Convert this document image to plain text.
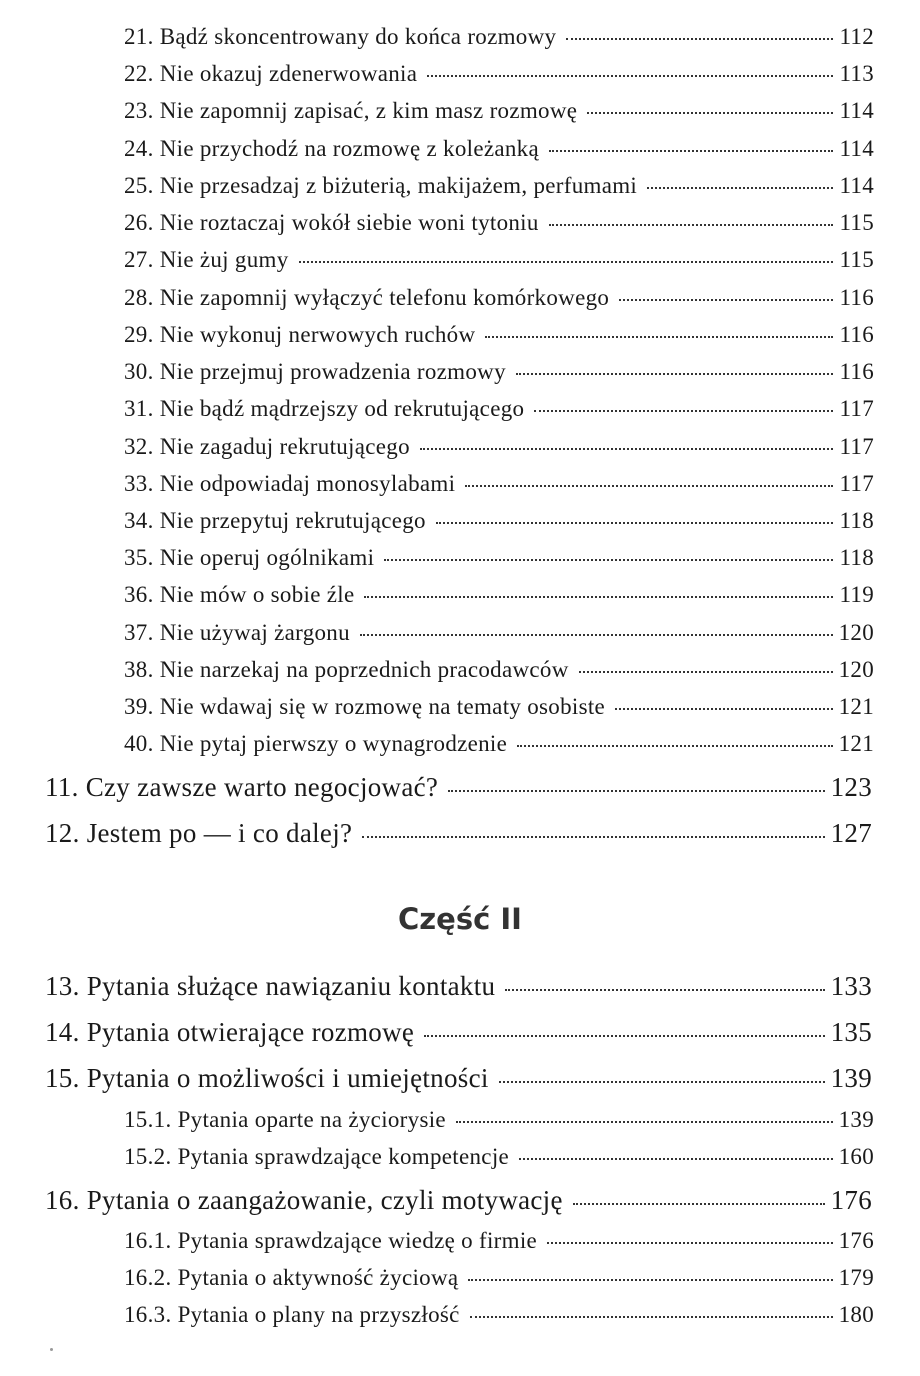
21. Bądź skoncentrowany do końca rozmowy	112
22. Nie okazuj zdenerwowania	113
23. Nie zapomnij zapisać, z kim masz rozmowę	114
24. Nie przychodź na rozmowę z koleżanką	114
25. Nie przesadzaj z biżuterią, makijażem, perfumami	114
26. Nie roztaczaj wokół siebie woni tytoniu	115
27. Nie żuj gumy	115
28. Nie zapomnij wyłączyć telefonu komórkowego	116
29. Nie wykonuj nerwowych ruchów	116
30. Nie przejmuj prowadzenia rozmowy	116
31. Nie bądź mądrzejszy od rekrutującego	117
32. Nie zagaduj rekrutującego	117
33. Nie odpowiadaj monosylabami	117
34. Nie przepytuj rekrutującego	118
35. Nie operuj ogólnikami	118
36. Nie mów o sobie źle	119
37. Nie używaj żargonu	120
38. Nie narzekaj na poprzednich pracodawców	120
39. Nie wdawaj się w rozmowę na tematy osobiste	121
40. Nie pytaj pierwszy o wynagrodzenie	121
11. Czy zawsze warto negocjować?	123
12. Jestem po — i co dalej?	127
Część II
13. Pytania służące nawiązaniu kontaktu	133
14. Pytania otwierające rozmowę	135
15. Pytania o możliwości i umiejętności	139
15.1. Pytania oparte na życiorysie	139
15.2. Pytania sprawdzające kompetencje	160
16. Pytania o zaangażowanie, czyli motywację	176
16.1. Pytania sprawdzające wiedzę o firmie	176
16.2. Pytania o aktywność życiową	179
16.3. Pytania o plany na przyszłość	180
